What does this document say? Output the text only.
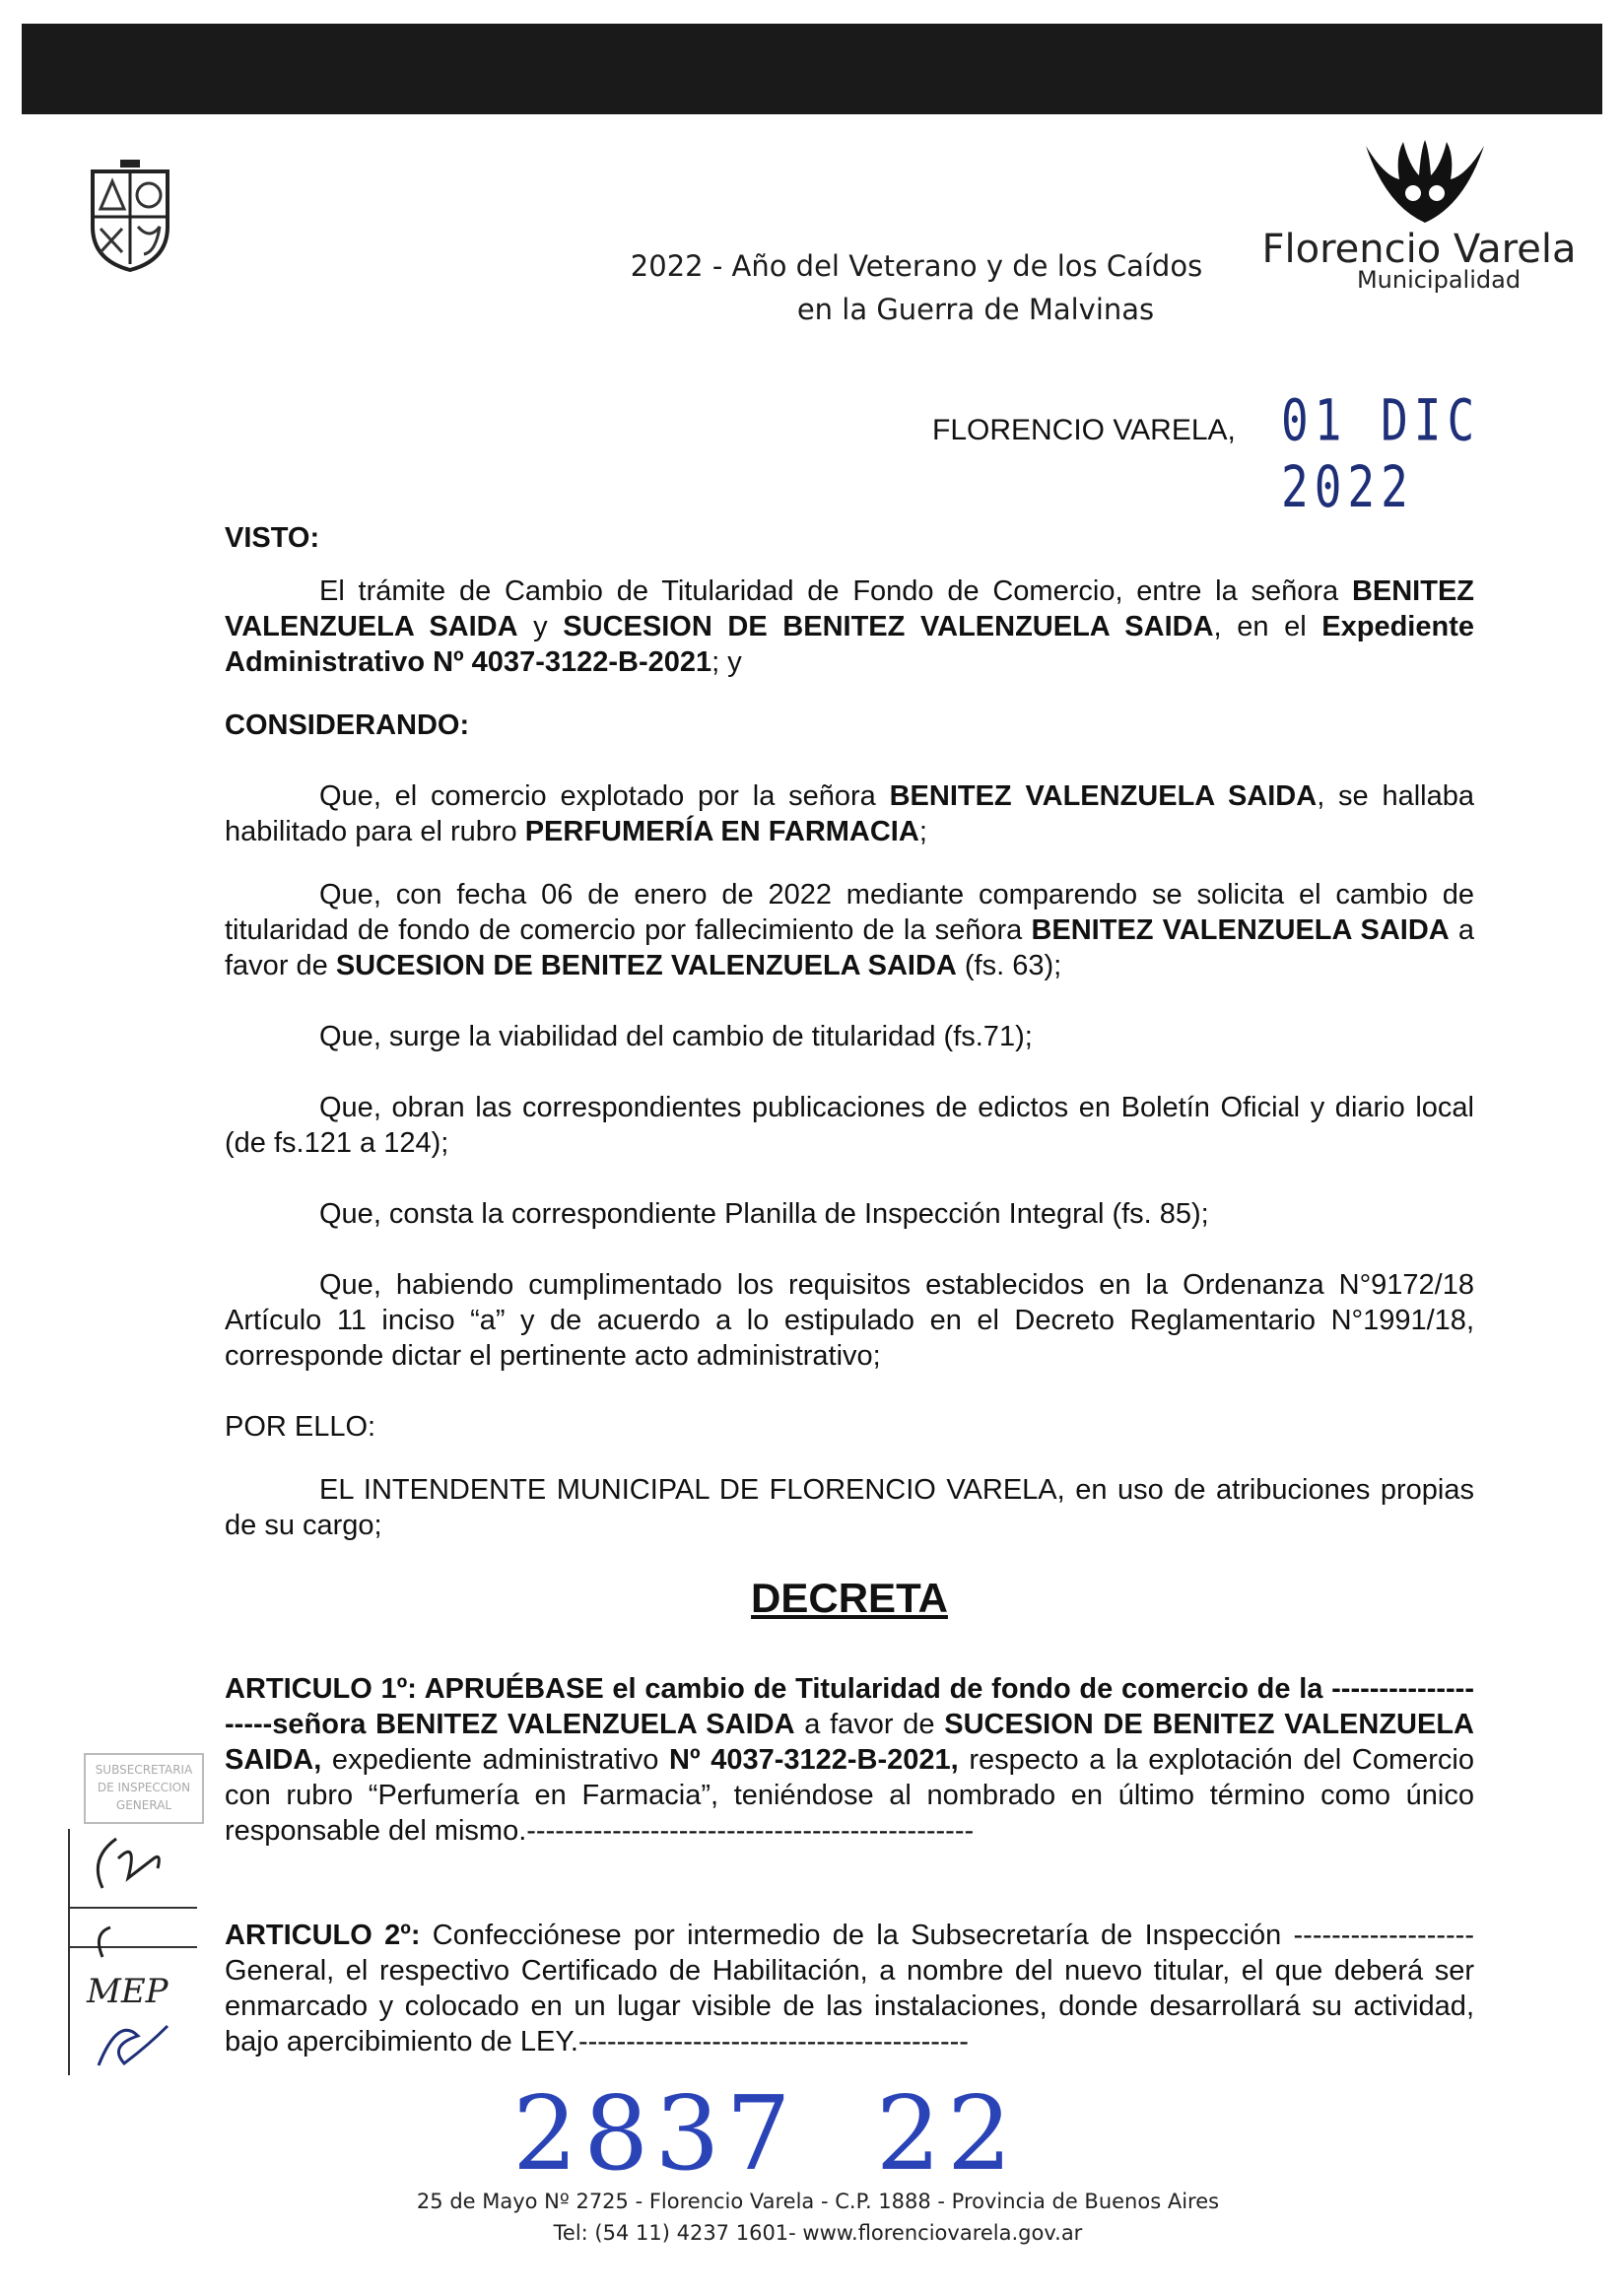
2022 - Año del Veterano y de los Caídos
en la Guerra de Malvinas
Florencio Varela
Municipalidad
FLORENCIO VARELA, 01 DIC 2022

VISTO:

El trámite de Cambio de Titularidad de Fondo de Comercio, entre la señora BENITEZ VALENZUELA SAIDA y SUCESION DE BENITEZ VALENZUELA SAIDA, en el Expediente Administrativo Nº 4037-3122-B-2021; y

CONSIDERANDO:

Que, el comercio explotado por la señora BENITEZ VALENZUELA SAIDA, se hallaba habilitado para el rubro PERFUMERÍA EN FARMACIA;

Que, con fecha 06 de enero de 2022 mediante comparendo se solicita el cambio de titularidad de fondo de comercio por fallecimiento de la señora BENITEZ VALENZUELA SAIDA a favor de SUCESION DE BENITEZ VALENZUELA SAIDA (fs. 63);

Que, surge la viabilidad del cambio de titularidad (fs.71);

Que, obran las correspondientes publicaciones de edictos en Boletín Oficial y diario local (de fs.121 a 124);

Que, consta la correspondiente Planilla de Inspección Integral (fs. 85);

Que, habiendo cumplimentado los requisitos establecidos en la Ordenanza N°9172/18 Artículo 11 inciso “a” y de acuerdo a lo estipulado en el Decreto Reglamentario N°1991/18, corresponde dictar el pertinente acto administrativo;

POR ELLO:

EL INTENDENTE MUNICIPAL DE FLORENCIO VARELA, en uso de atribuciones propias de su cargo;

DECRETA

ARTICULO 1º: APRUÉBASE el cambio de Titularidad de fondo de comercio de la --------------------señora BENITEZ VALENZUELA SAIDA a favor de SUCESION DE BENITEZ VALENZUELA SAIDA, expediente administrativo Nº 4037-3122-B-2021, respecto a la explotación del Comercio con rubro “Perfumería en Farmacia”, teniéndose al nombrado en último término como único responsable del mismo.-----------------------------------------------

ARTICULO 2º: Confecciónese por intermedio de la Subsecretaría de Inspección ------------------- General, el respectivo Certificado de Habilitación, a nombre del nuevo titular, el que deberá ser enmarcado y colocado en un lugar visible de las instalaciones, donde desarrollará su actividad, bajo apercibimiento de LEY.-----------------------------------------

SUBSECRETARIA
DE INSPECCION
GENERAL
MEP
2837 22
25 de Mayo Nº 2725 - Florencio Varela - C.P. 1888 - Provincia de Buenos Aires
Tel: (54 11) 4237 1601- www.florenciovarela.gov.ar
